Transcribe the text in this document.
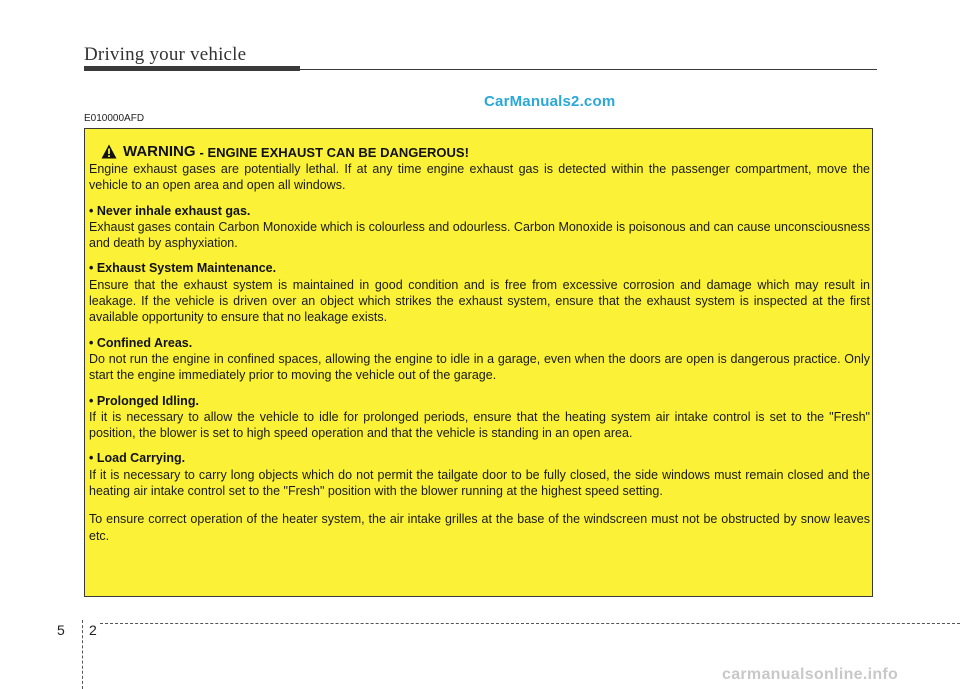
Driving your vehicle
CarManuals2.com
E010000AFD
WARNING - ENGINE EXHAUST CAN BE DANGEROUS!

Engine exhaust gases are potentially lethal. If at any time engine exhaust gas is detected within the passenger compartment, move the vehicle to an open area and open all windows.

• Never inhale exhaust gas.

Exhaust gases contain Carbon Monoxide which is colourless and odourless. Carbon Monoxide is poisonous and can cause unconsciousness and death by asphyxiation.

• Exhaust System Maintenance.

Ensure that the exhaust system is maintained in good condition and is free from excessive corrosion and damage which may result in leakage. If the vehicle is driven over an object which strikes the exhaust system, ensure that the exhaust system is inspected at the first available opportunity to ensure that no leakage exists.

• Confined Areas.

Do not run the engine in confined spaces, allowing the engine to idle in a garage, even when the doors are open is dangerous practice. Only start the engine immediately prior to moving the vehicle out of the garage.

• Prolonged Idling.

If it is necessary to allow the vehicle to idle for prolonged periods, ensure that the heating system air intake control is set to the "Fresh" position, the blower is set to high speed operation and that the vehicle is standing in an open area.

• Load Carrying.

If it is necessary to carry long objects which do not permit the tailgate door to be fully closed, the side windows must remain closed and the heating air intake control set to the "Fresh" position with the blower running at the highest speed setting.

To ensure correct operation of the heater system, the air intake grilles at the base of the windscreen must not be obstructed by snow leaves etc.

5 2
carmanualsonline.info
